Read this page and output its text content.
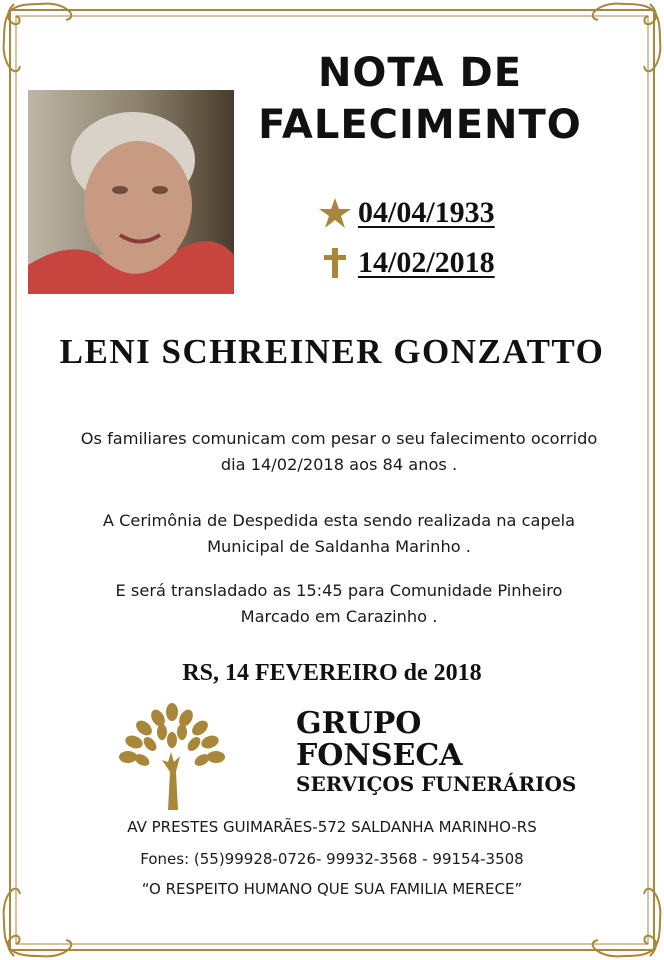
NOTA DE
FALECIMENTO
04/04/1933
14/02/2018
LENI SCHREINER GONZATTO
Os familiares comunicam com pesar o seu falecimento ocorrido
dia 14/02/2018 aos 84 anos .
A Cerimônia de Despedida esta sendo realizada na capela
Municipal de Saldanha Marinho .
E será transladado as 15:45 para Comunidade Pinheiro
Marcado em Carazinho .
RS, 14 FEVEREIRO de 2018
GRUPO
FONSECA
SERVIÇOS FUNERÁRIOS
AV PRESTES GUIMARÃES-572 SALDANHA MARINHO-RS
Fones: (55)99928-0726- 99932-3568 - 99154-3508
“O RESPEITO HUMANO QUE SUA FAMILIA MERECE”
